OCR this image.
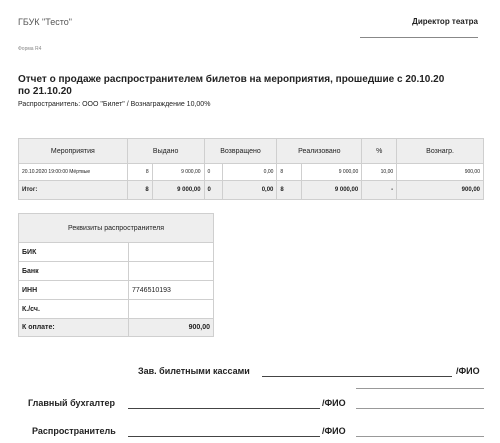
ГБУК "Тесто"	Директор театра
Форма R4
Отчет о продаже распространителем билетов на мероприятия, прошедшие с 20.10.20 по 21.10.20
Распространитель: ООО "Билет" / Вознаграждение 10,00%
Мероприятия	Выдано		Возвращено		Реализовано		%	Вознагр.
20.10.2020 19:00:00 Мёртвые	8	9 000,00	0	0,00	8	9 000,00	10,00	900,00
Итог:	8	9 000,00	0	0,00	8	9 000,00	-	900,00
Реквизиты распространителя	
БИК	
Банк	
ИНН	7746510193
К./сч.	
К оплате:	900,00
Зав. билетными кассами	/ФИО
Главный бухгалтер	/ФИО
Распространитель	/ФИО
